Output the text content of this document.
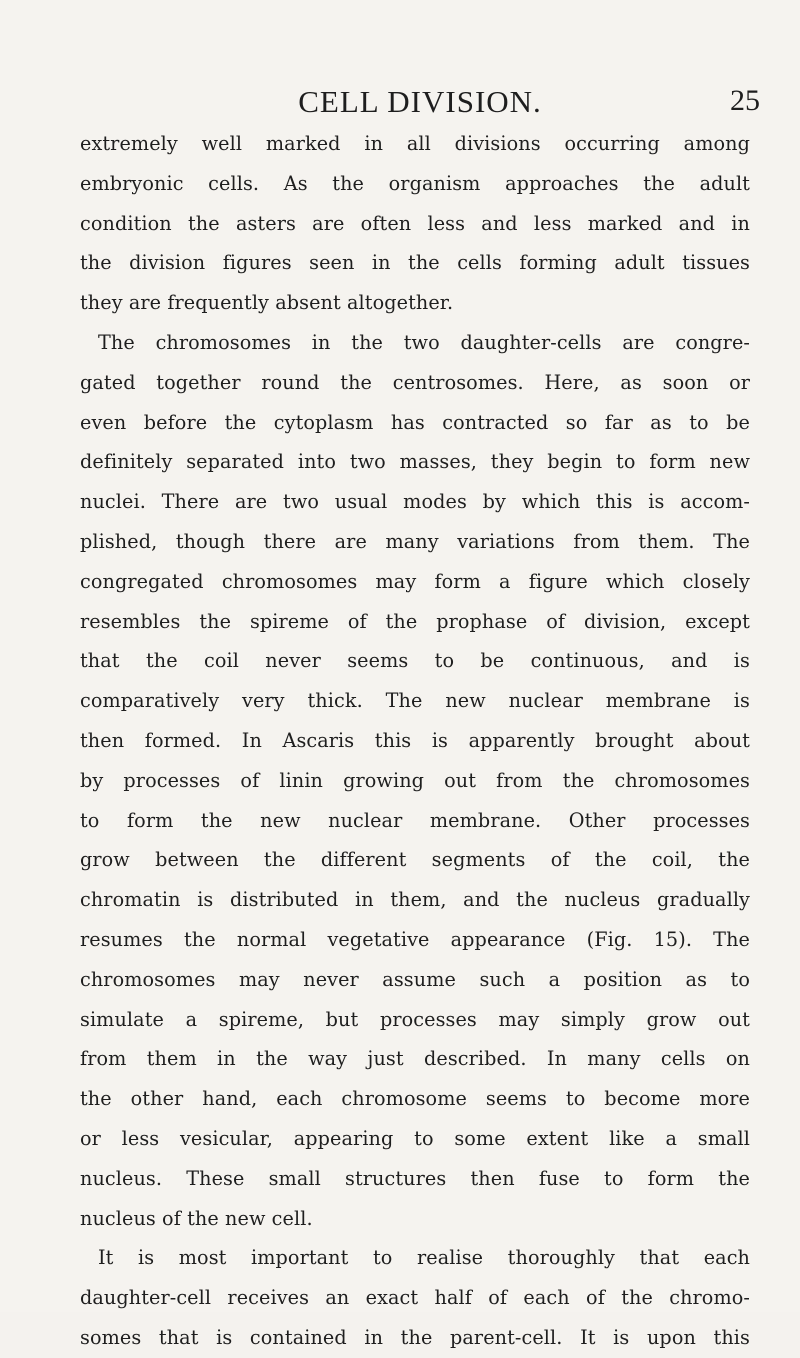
CELL DIVISION.	25
extremely well marked in all divisions occurring among
embryonic cells. As the organism approaches the adult
condition the asters are often less and less marked and in
the division figures seen in the cells forming adult tissues
they are frequently absent altogether.
The chromosomes in the two daughter-cells are congre-
gated together round the centrosomes. Here, as soon or
even before the cytoplasm has contracted so far as to be
definitely separated into two masses, they begin to form new
nuclei. There are two usual modes by which this is accom-
plished, though there are many variations from them. The
congregated chromosomes may form a figure which closely
resembles the spireme of the prophase of division, except
that the coil never seems to be continuous, and is
comparatively very thick. The new nuclear membrane is
then formed. In Ascaris this is apparently brought about
by processes of linin growing out from the chromosomes
to form the new nuclear membrane. Other processes
grow between the different segments of the coil, the
chromatin is distributed in them, and the nucleus gradually
resumes the normal vegetative appearance (Fig. 15). The
chromosomes may never assume such a position as to
simulate a spireme, but processes may simply grow out
from them in the way just described. In many cells on
the other hand, each chromosome seems to become more
or less vesicular, appearing to some extent like a small
nucleus. These small structures then fuse to form the
nucleus of the new cell.
It is most important to realise thoroughly that each
daughter-cell receives an exact half of each of the chromo-
somes that is contained in the parent-cell. It is upon this
